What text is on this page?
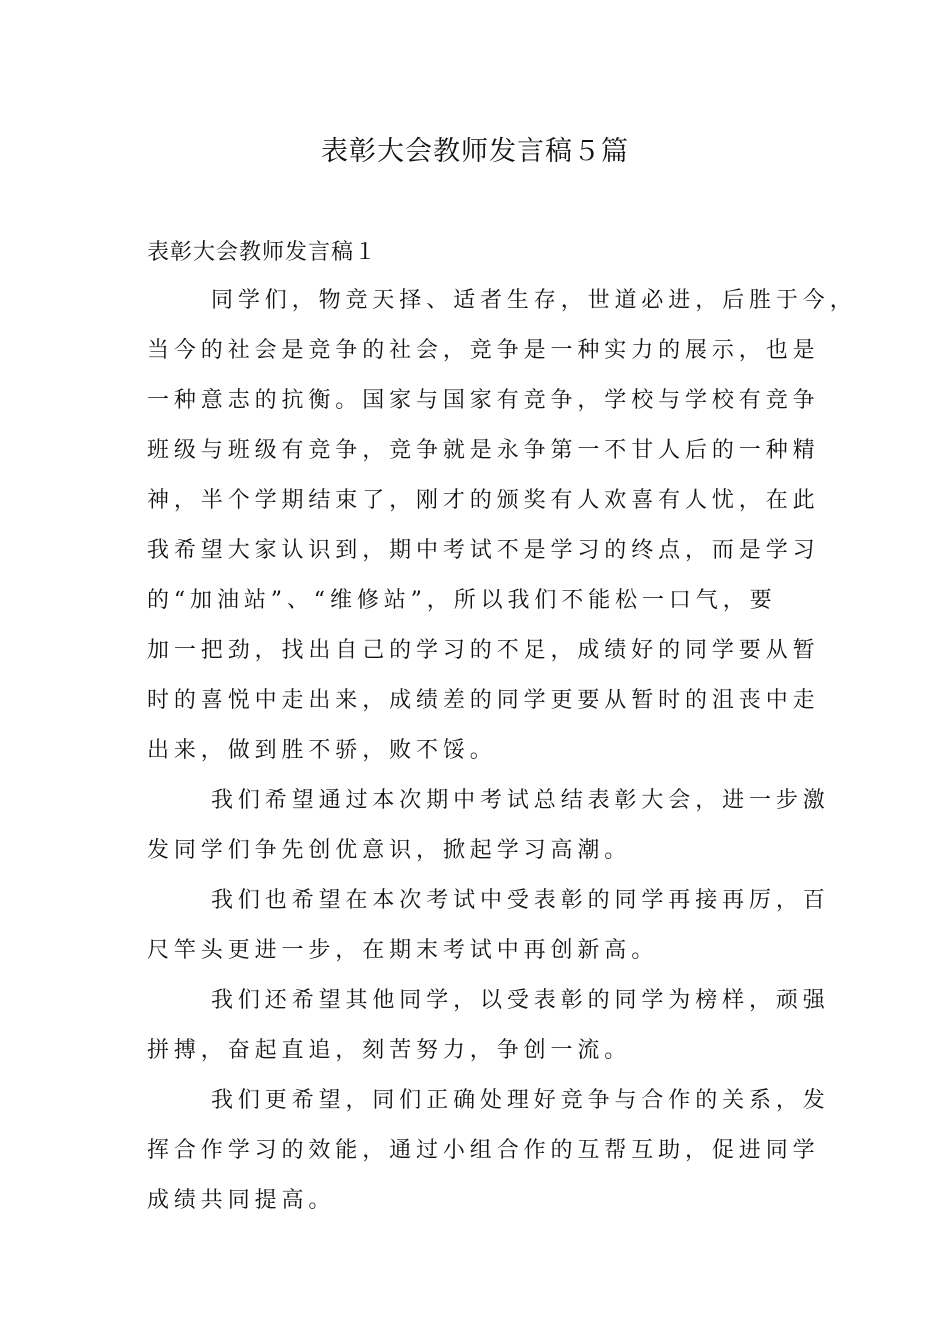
表彰大会教师发言稿５篇

表彰大会教师发言稿１

同学们，物竞天择、适者生存，世道必进，后胜于今，
当今的社会是竞争的社会，竞争是一种实力的展示，也是
一种意志的抗衡。国家与国家有竞争，学校与学校有竞争
班级与班级有竞争，竞争就是永争第一不甘人后的一种精
神，半个学期结束了，刚才的颁奖有人欢喜有人忧，在此
我希望大家认识到，期中考试不是学习的终点，而是学习
的“加油站”、“维修站”，所以我们不能松一口气，要
加一把劲，找出自己的学习的不足，成绩好的同学要从暂
时的喜悦中走出来，成绩差的同学更要从暂时的沮丧中走
出来，做到胜不骄，败不馁。
我们希望通过本次期中考试总结表彰大会，进一步激
发同学们争先创优意识，掀起学习高潮。
我们也希望在本次考试中受表彰的同学再接再厉，百
尺竿头更进一步，在期末考试中再创新高。
我们还希望其他同学，以受表彰的同学为榜样，顽强
拼搏，奋起直追，刻苦努力，争创一流。
我们更希望，同们正确处理好竞争与合作的关系，发
挥合作学习的效能，通过小组合作的互帮互助，促进同学
成绩共同提高。
